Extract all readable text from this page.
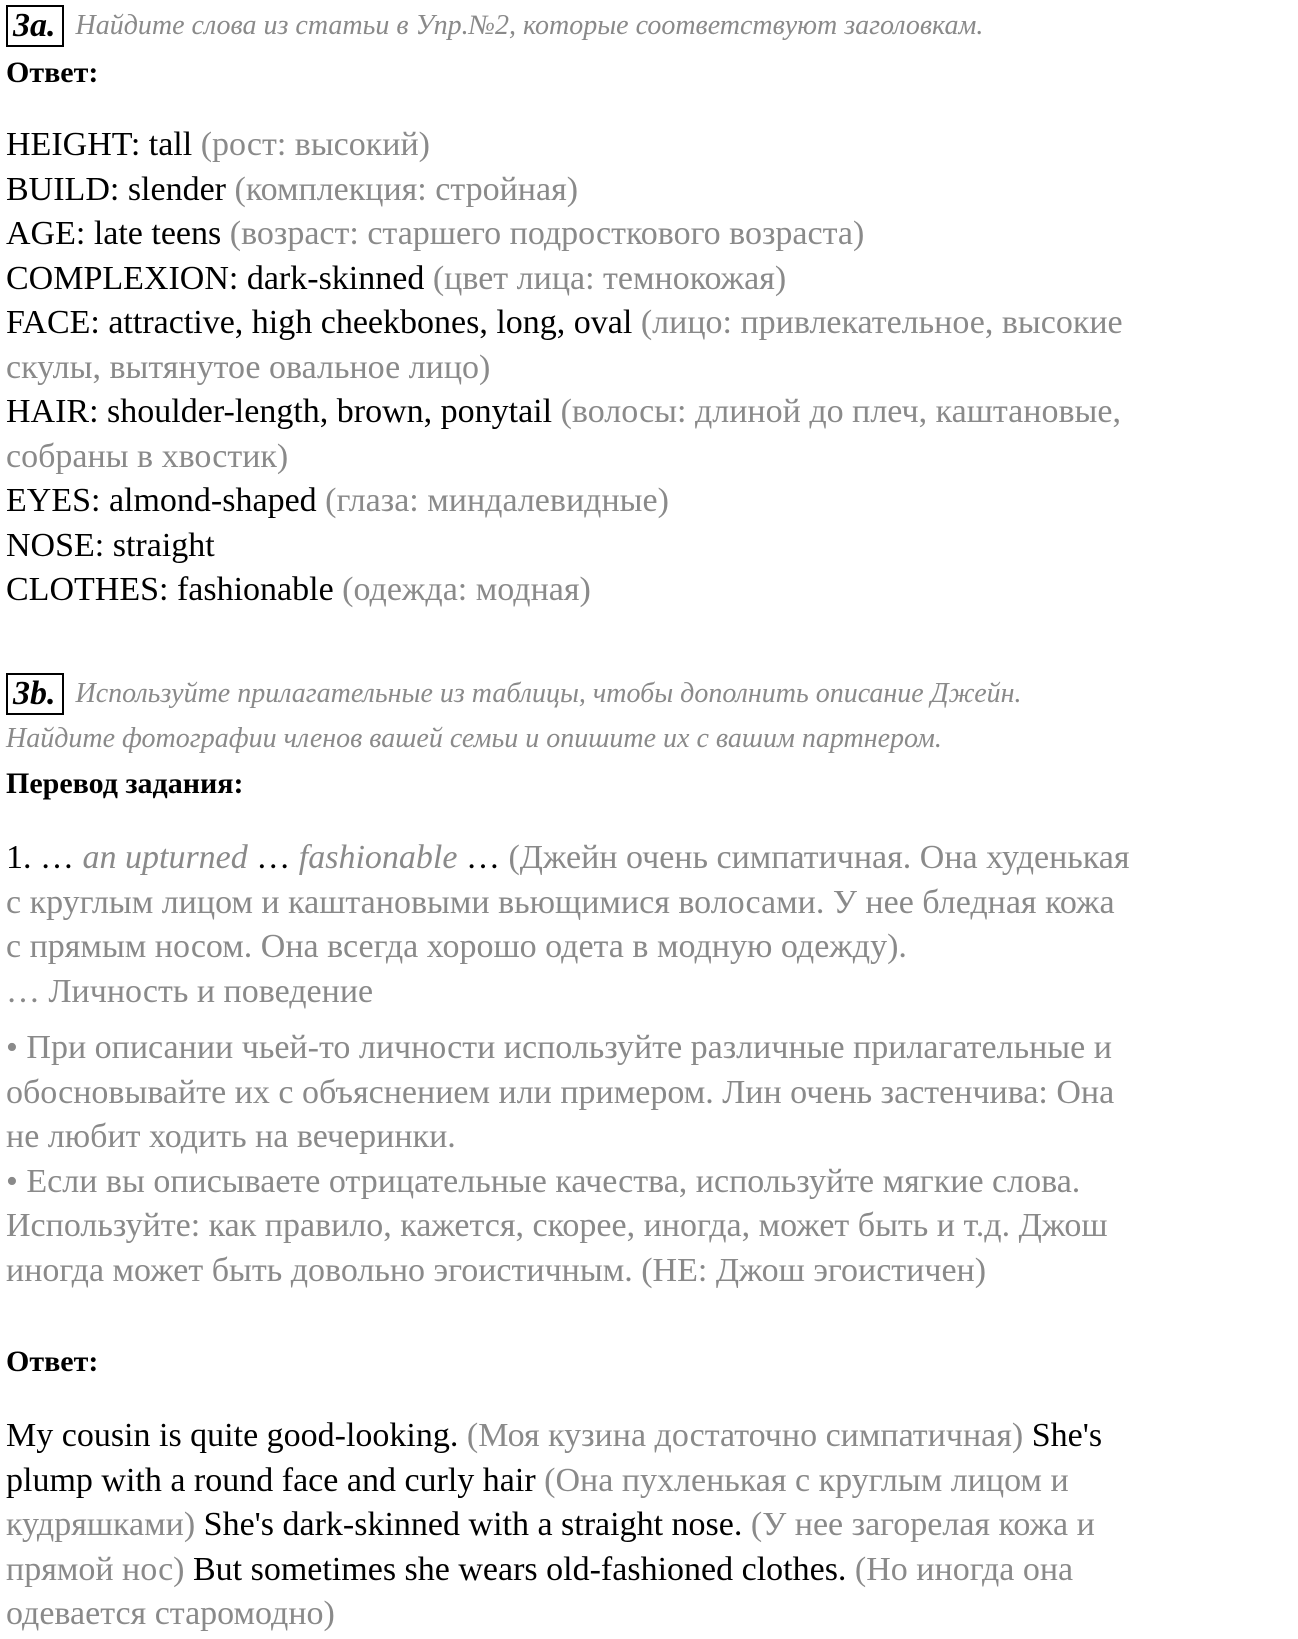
3a. Найдите слова из статьи в Упр.№2, которые соответствуют заголовкам.
Ответ:
HEIGHT: tall (рост: высокий)
BUILD: slender (комплекция: стройная)
AGE: late teens (возраст: старшего подросткового возраста)
COMPLEXION: dark-skinned (цвет лица: темнокожая)
FACE: attractive, high cheekbones, long, oval (лицо: привлекательное, высокие
скулы, вытянутое овальное лицо)
HAIR: shoulder-length, brown, ponytail (волосы: длиной до плеч, каштановые,
собраны в хвостик)
EYES: almond-shaped (глаза: миндалевидные)
NOSE: straight
CLOTHES: fashionable (одежда: модная)
3b. Используйте прилагательные из таблицы, чтобы дополнить описание Джейн.
Найдите фотографии членов вашей семьи и опишите их с вашим партнером.
Перевод задания:
1. … an upturned … fashionable … (Джейн очень симпатичная. Она худенькая
с круглым лицом и каштановыми вьющимися волосами. У нее бледная кожа
с прямым носом. Она всегда хорошо одета в модную одежду).
… Личность и поведение
• При описании чьей-то личности используйте различные прилагательные и
обосновывайте их с объяснением или примером. Лин очень застенчива: Она
не любит ходить на вечеринки.
• Если вы описываете отрицательные качества, используйте мягкие слова.
Используйте: как правило, кажется, скорее, иногда, может быть и т.д. Джош
иногда может быть довольно эгоистичным. (НЕ: Джош эгоистичен)
Ответ:
My cousin is quite good-looking. (Моя кузина достаточно симпатичная) She's
plump with a round face and curly hair (Она пухленькая с круглым лицом и
кудряшками) She's dark-skinned with a straight nose. (У нее загорелая кожа и
прямой нос) But sometimes she wears old-fashioned clothes. (Но иногда она
одевается старомодно)
